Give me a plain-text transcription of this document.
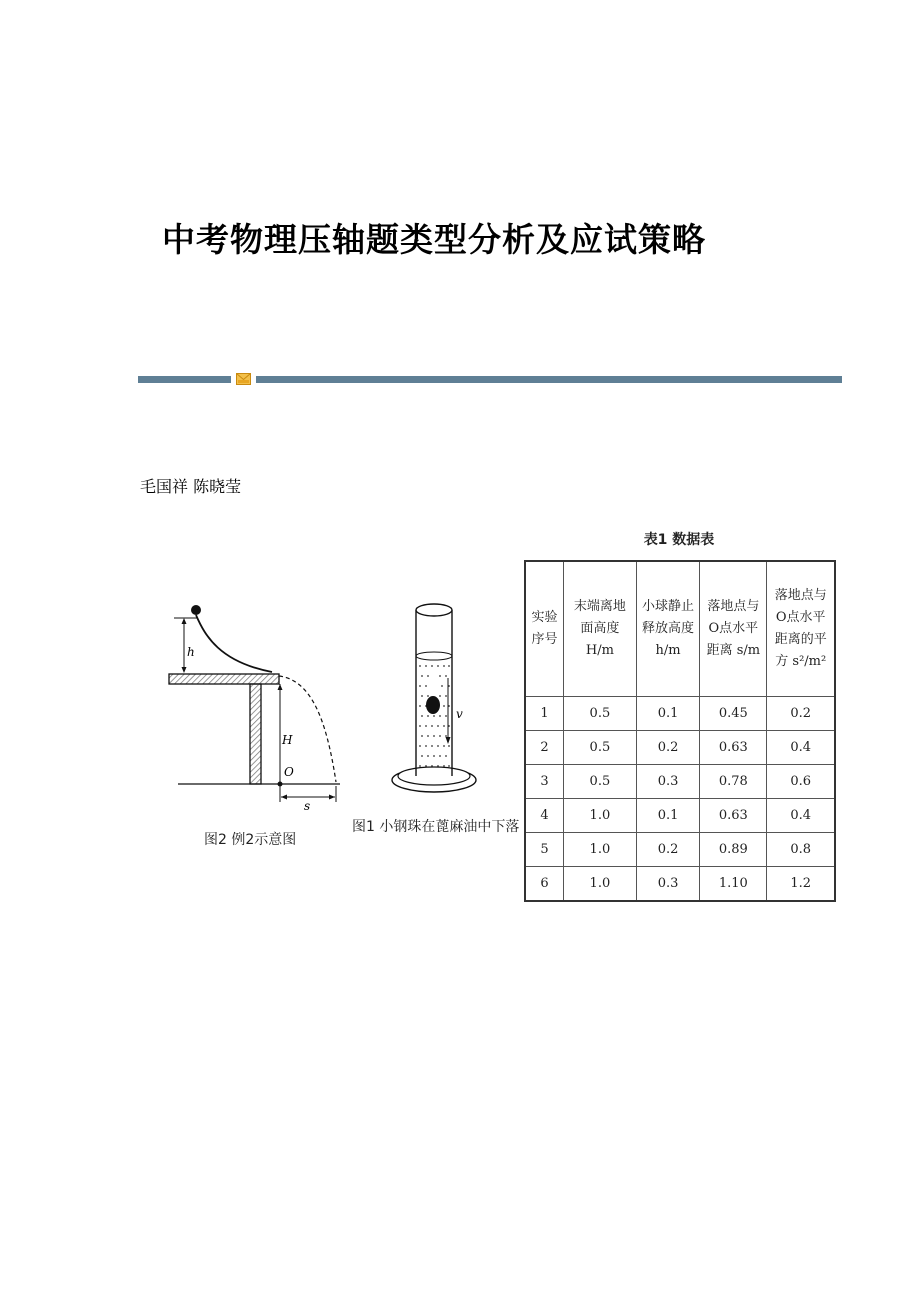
中考物理压轴题类型分析及应试策略
毛国祥 陈晓莹
h
H
O
s
图2 例2示意图
v
图1 小钢珠在蓖麻油中下落
表1 数据表
实验
序号	末端离地
面高度
H/m	小球静止
释放高度
h/m	落地点与
O点水平
距离 s/m	落地点与
O点水平
距离的平
方 s²/m²

1	0.5	0.1	0.45	0.2
2	0.5	0.2	0.63	0.4
3	0.5	0.3	0.78	0.6
4	1.0	0.1	0.63	0.4
5	1.0	0.2	0.89	0.8
6	1.0	0.3	1.10	1.2
